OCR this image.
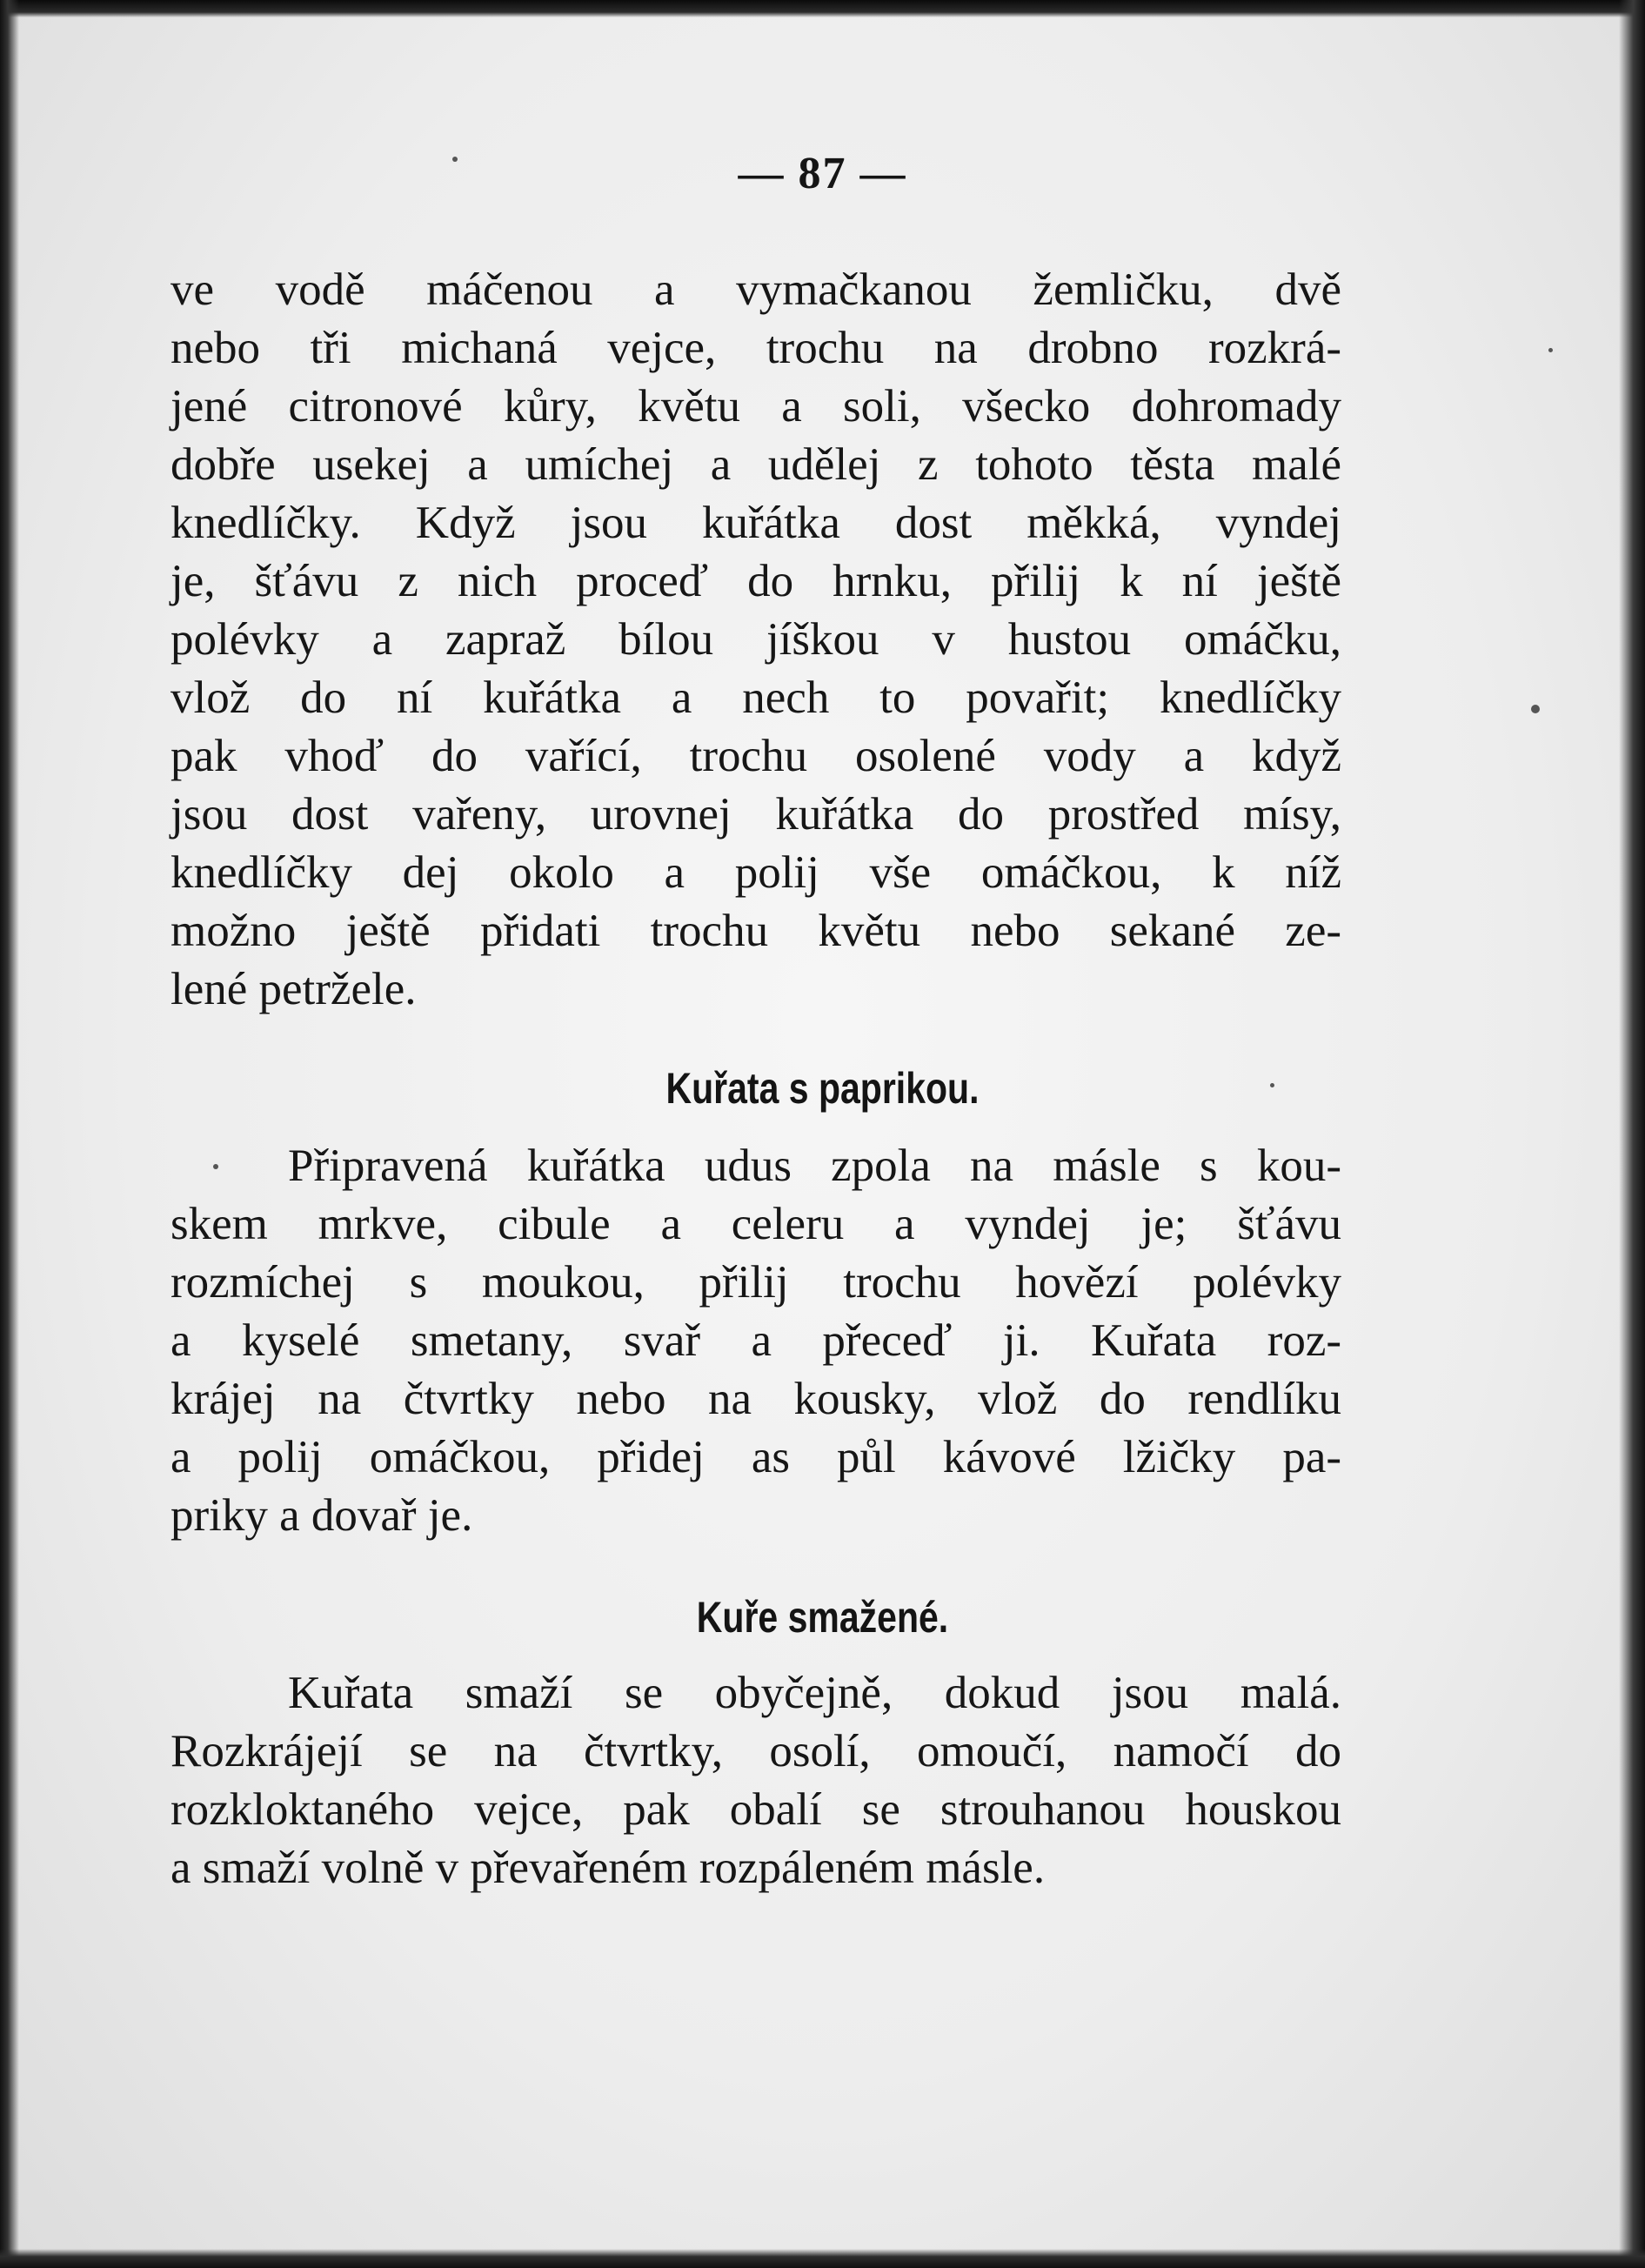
— 87 —
ve vodě máčenou a vymačkanou žemličku, dvě
nebo tři michaná vejce, trochu na drobno rozkrá-
jené citronové kůry, květu a soli, všecko dohromady
dobře usekej a umíchej a udělej z tohoto těsta malé
knedlíčky. Když jsou kuřátka dost měkká, vyndej
je, šťávu z nich proceď do hrnku, přilij k ní ještě
polévky a zapraž bílou jíškou v hustou omáčku,
vlož do ní kuřátka a nech to povařit; knedlíčky
pak vhoď do vařící, trochu osolené vody a když
jsou dost vařeny, urovnej kuřátka do prostřed mísy,
knedlíčky dej okolo a polij vše omáčkou, k níž
možno ještě přidati trochu květu nebo sekané ze-
lené petržele.
Kuřata s paprikou.
Připravená kuřátka udus zpola na másle s kou-
skem mrkve, cibule a celeru a vyndej je; šťávu
rozmíchej s moukou, přilij trochu hovězí polévky
a kyselé smetany, svař a přeceď ji. Kuřata roz-
krájej na čtvrtky nebo na kousky, vlož do rendlíku
a polij omáčkou, přidej as půl kávové lžičky pa-
priky a dovař je.
Kuře smažené.
Kuřata smaží se obyčejně, dokud jsou malá.
Rozkrájejí se na čtvrtky, osolí, omoučí, namočí do
rozkloktaného vejce, pak obalí se strouhanou houskou
a smaží volně v převařeném rozpáleném másle.
